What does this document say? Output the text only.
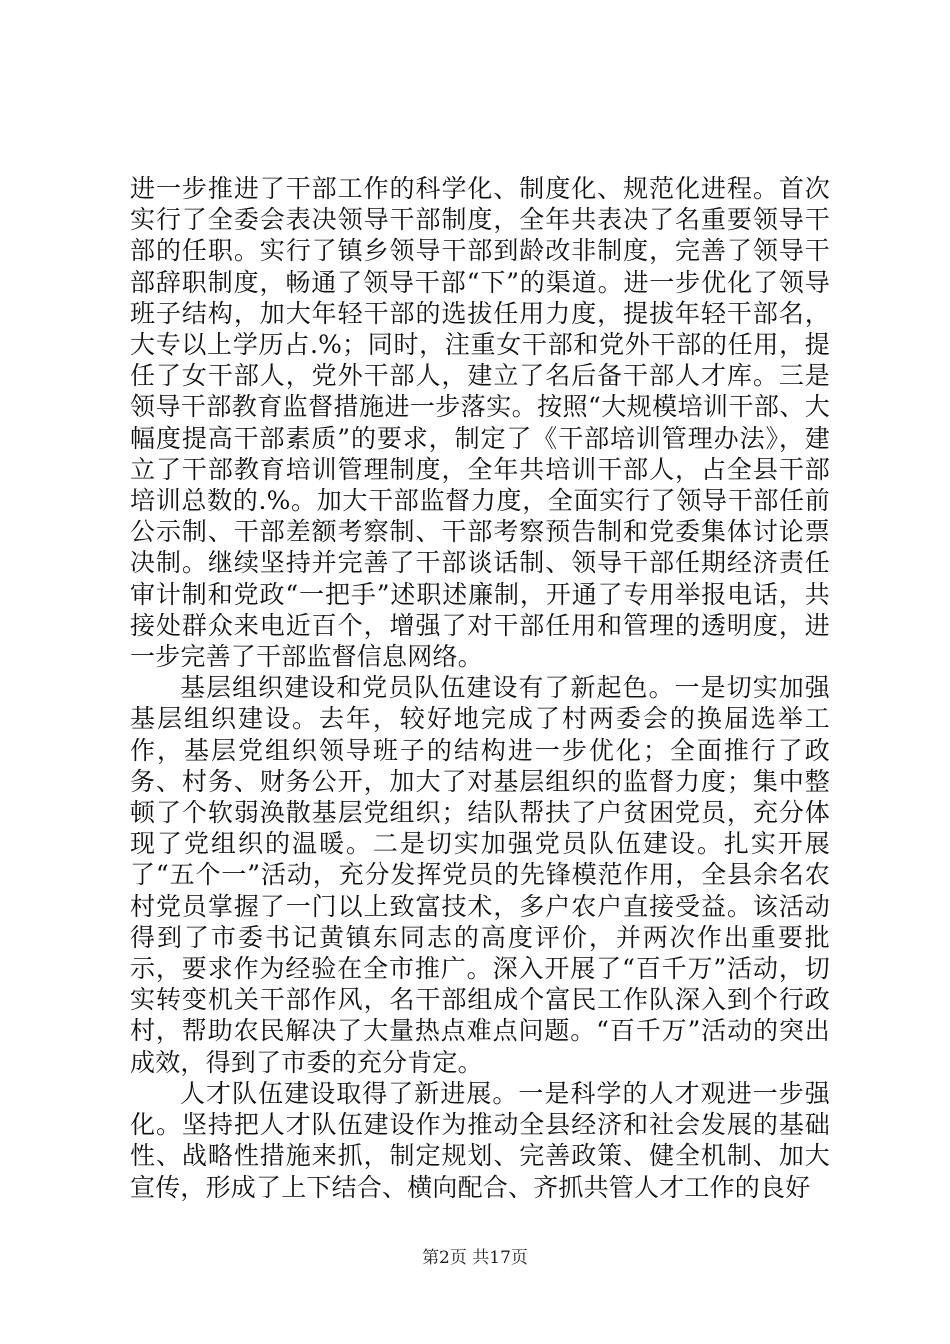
进一步推进了干部工作的科学化、制度化、规范化进程。首次实行了全委会表决领导干部制度，全年共表决了名重要领导干部的任职。实行了镇乡领导干部到龄改非制度，完善了领导干部辞职制度，畅通了领导干部“下”的渠道。进一步优化了领导班子结构，加大年轻干部的选拔任用力度，提拔年轻干部名，大专以上学历占.%；同时，注重女干部和党外干部的任用，提任了女干部人，党外干部人，建立了名后备干部人才库。三是领导干部教育监督措施进一步落实。按照“大规模培训干部、大幅度提高干部素质”的要求，制定了《干部培训管理办法》，建立了干部教育培训管理制度，全年共培训干部人，占全县干部培训总数的.%。加大干部监督力度，全面实行了领导干部任前公示制、干部差额考察制、干部考察预告制和党委集体讨论票决制。继续坚持并完善了干部谈话制、领导干部任期经济责任审计制和党政“一把手”述职述廉制，开通了专用举报电话，共接处群众来电近百个，增强了对干部任用和管理的透明度，进一步完善了干部监督信息网络。

基层组织建设和党员队伍建设有了新起色。一是切实加强基层组织建设。去年，较好地完成了村两委会的换届选举工作，基层党组织领导班子的结构进一步优化；全面推行了政务、村务、财务公开，加大了对基层组织的监督力度；集中整顿了个软弱涣散基层党组织；结队帮扶了户贫困党员，充分体现了党组织的温暖。二是切实加强党员队伍建设。扎实开展了“五个一”活动，充分发挥党员的先锋模范作用，全县余名农村党员掌握了一门以上致富技术，多户农户直接受益。该活动得到了市委书记黄镇东同志的高度评价，并两次作出重要批示，要求作为经验在全市推广。深入开展了“百千万”活动，切实转变机关干部作风，名干部组成个富民工作队深入到个行政村，帮助农民解决了大量热点难点问题。“百千万”活动的突出成效，得到了市委的充分肯定。

人才队伍建设取得了新进展。一是科学的人才观进一步强化。坚持把人才队伍建设作为推动全县经济和社会发展的基础性、战略性措施来抓，制定规划、完善政策、健全机制、加大宣传，形成了上下结合、横向配合、齐抓共管人才工作的良好

第2页 共17页
